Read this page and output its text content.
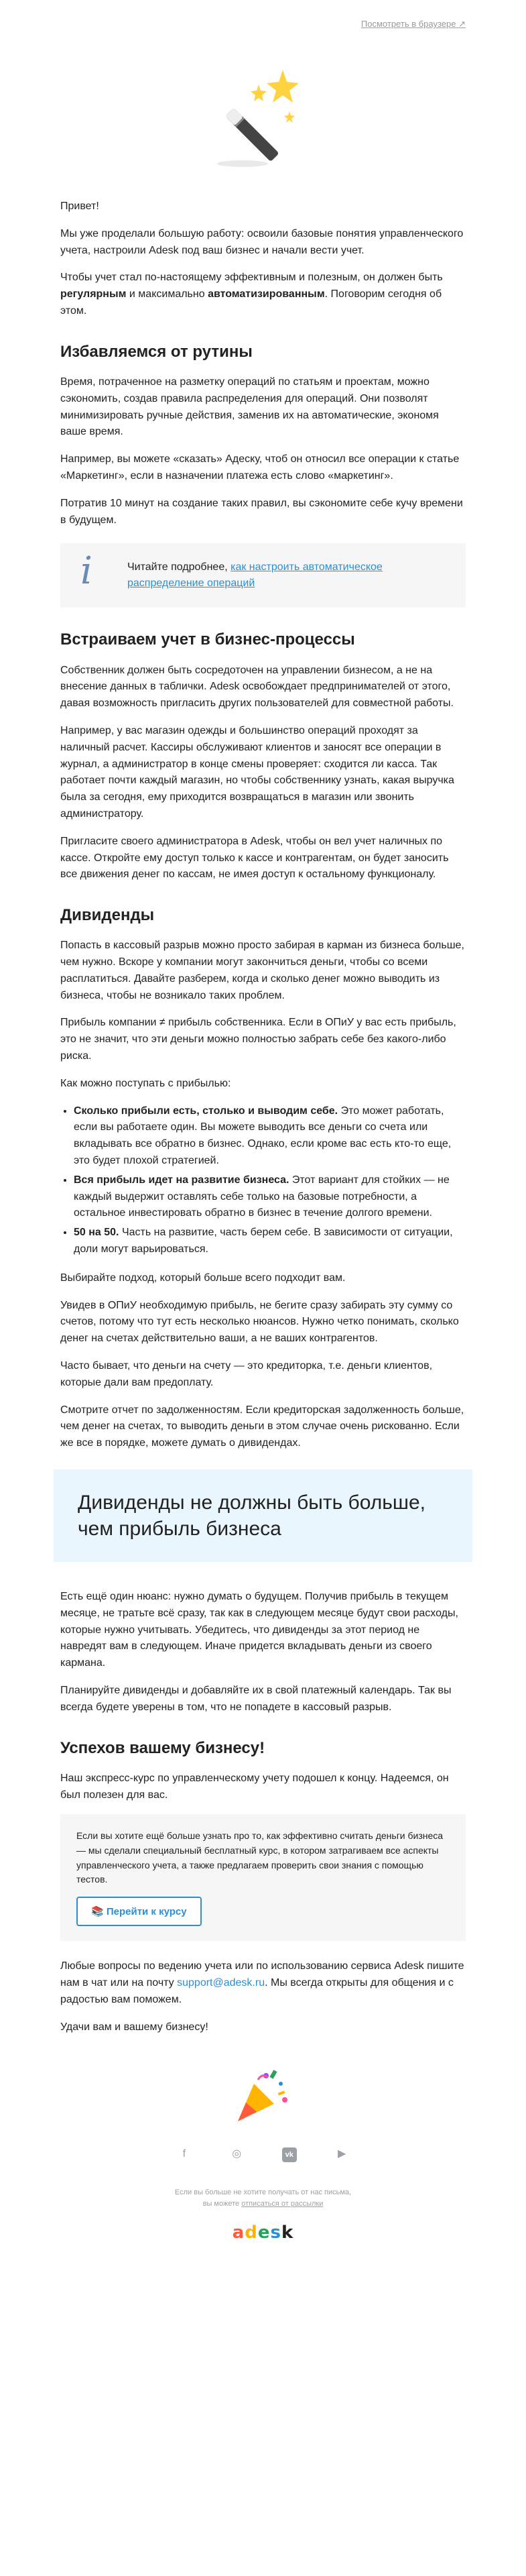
Посмотреть в браузере ↗

Привет!

Мы уже проделали большую работу: освоили базовые понятия управленческого учета, настроили Adesk под ваш бизнес и начали вести учет.

Чтобы учет стал по-настоящему эффективным и полезным, он должен быть регулярным и максимально автоматизированным. Поговорим сегодня об этом.

Избавляемся от рутины

Время, потраченное на разметку операций по статьям и проектам, можно сэкономить, создав правила распределения для операций. Они позволят минимизировать ручные действия, заменив их на автоматические, экономя ваше время.

Например, вы можете «сказать» Адеску, чтоб он относил все операции к статье «Маркетинг», если в назначении платежа есть слово «маркетинг».

Потратив 10 минут на создание таких правил, вы сэкономите себе кучу времени в будущем.

i	Читайте подробнее, как настроить автоматическое распределение операций
Встраиваем учет в бизнес-процессы

Собственник должен быть сосредоточен на управлении бизнесом, а не на внесение данных в таблички. Adesk освобождает предпринимателей от этого, давая возможность пригласить других пользователей для совместной работы.

Например, у вас магазин одежды и большинство операций проходят за наличный расчет. Кассиры обслуживают клиентов и заносят все операции в журнал, а администратор в конце смены проверяет: сходится ли касса. Так работает почти каждый магазин, но чтобы собственнику узнать, какая выручка была за сегодня, ему приходится возвращаться в магазин или звонить администратору.

Пригласите своего администратора в Adesk, чтобы он вел учет наличных по кассе. Откройте ему доступ только к кассе и контрагентам, он будет заносить все движения денег по кассам, не имея доступ к остальному функционалу.

Дивиденды

Попасть в кассовый разрыв можно просто забирая в карман из бизнеса больше, чем нужно. Вскоре у компании могут закончиться деньги, чтобы со всеми расплатиться. Давайте разберем, когда и сколько денег можно выводить из бизнеса, чтобы не возникало таких проблем.

Прибыль компании ≠ прибыль собственника. Если в ОПиУ у вас есть прибыль, это не значит, что эти деньги можно полностью забрать себе без какого-либо риска.

Как можно поступать с прибылью:

• Сколько прибыли есть, столько и выводим себе. Это может работать, если вы работаете один. Вы можете выводить все деньги со счета или вкладывать все обратно в бизнес. Однако, если кроме вас есть кто-то еще, это будет плохой стратегией.
• Вся прибыль идет на развитие бизнеса. Этот вариант для стойких — не каждый выдержит оставлять себе только на базовые потребности, а остальное инвестировать обратно в бизнес в течение долгого времени.
• 50 на 50. Часть на развитие, часть берем себе. В зависимости от ситуации, доли могут варьироваться.

Выбирайте подход, который больше всего подходит вам.

Увидев в ОПиУ необходимую прибыль, не бегите сразу забирать эту сумму со счетов, потому что тут есть несколько нюансов. Нужно четко понимать, сколько денег на счетах действительно ваши, а не ваших контрагентов.

Часто бывает, что деньги на счету — это кредиторка, т.е. деньги клиентов, которые дали вам предоплату.

Смотрите отчет по задолженностям. Если кредиторская задолженность больше, чем денег на счетах, то выводить деньги в этом случае очень рискованно. Если же все в порядке, можете думать о дивидендах.

Дивиденды не должны быть больше, чем прибыль бизнеса

Есть ещё один нюанс: нужно думать о будущем. Получив прибыль в текущем месяце, не тратьте всё сразу, так как в следующем месяце будут свои расходы, которые нужно учитывать. Убедитесь, что дивиденды за этот период не навредят вам в следующем. Иначе придется вкладывать деньги из своего кармана.

Планируйте дивиденды и добавляйте их в свой платежный календарь. Так вы всегда будете уверены в том, что не попадете в кассовый разрыв.

Успехов вашему бизнесу!

Наш экспресс-курс по управленческому учету подошел к концу. Надеемся, он был полезен для вас.

Если вы хотите ещё больше узнать про то, как эффективно считать деньги бизнеса — мы сделали специальный бесплатный курс, в котором затрагиваем все аспекты управленческого учета, а также предлагаем проверить свои знания с помощью тестов.

📚 Перейти к курсу

Любые вопросы по ведению учета или по использованию сервиса Adesk пишите нам в чат или на почту support@adesk.ru. Мы всегда открыты для общения и с радостью вам поможем.

Удачи вам и вашему бизнесу!

f	◎	vk	▶
Если вы больше не хотите получать от нас письма,
вы можете отписаться от рассылки
adesk
